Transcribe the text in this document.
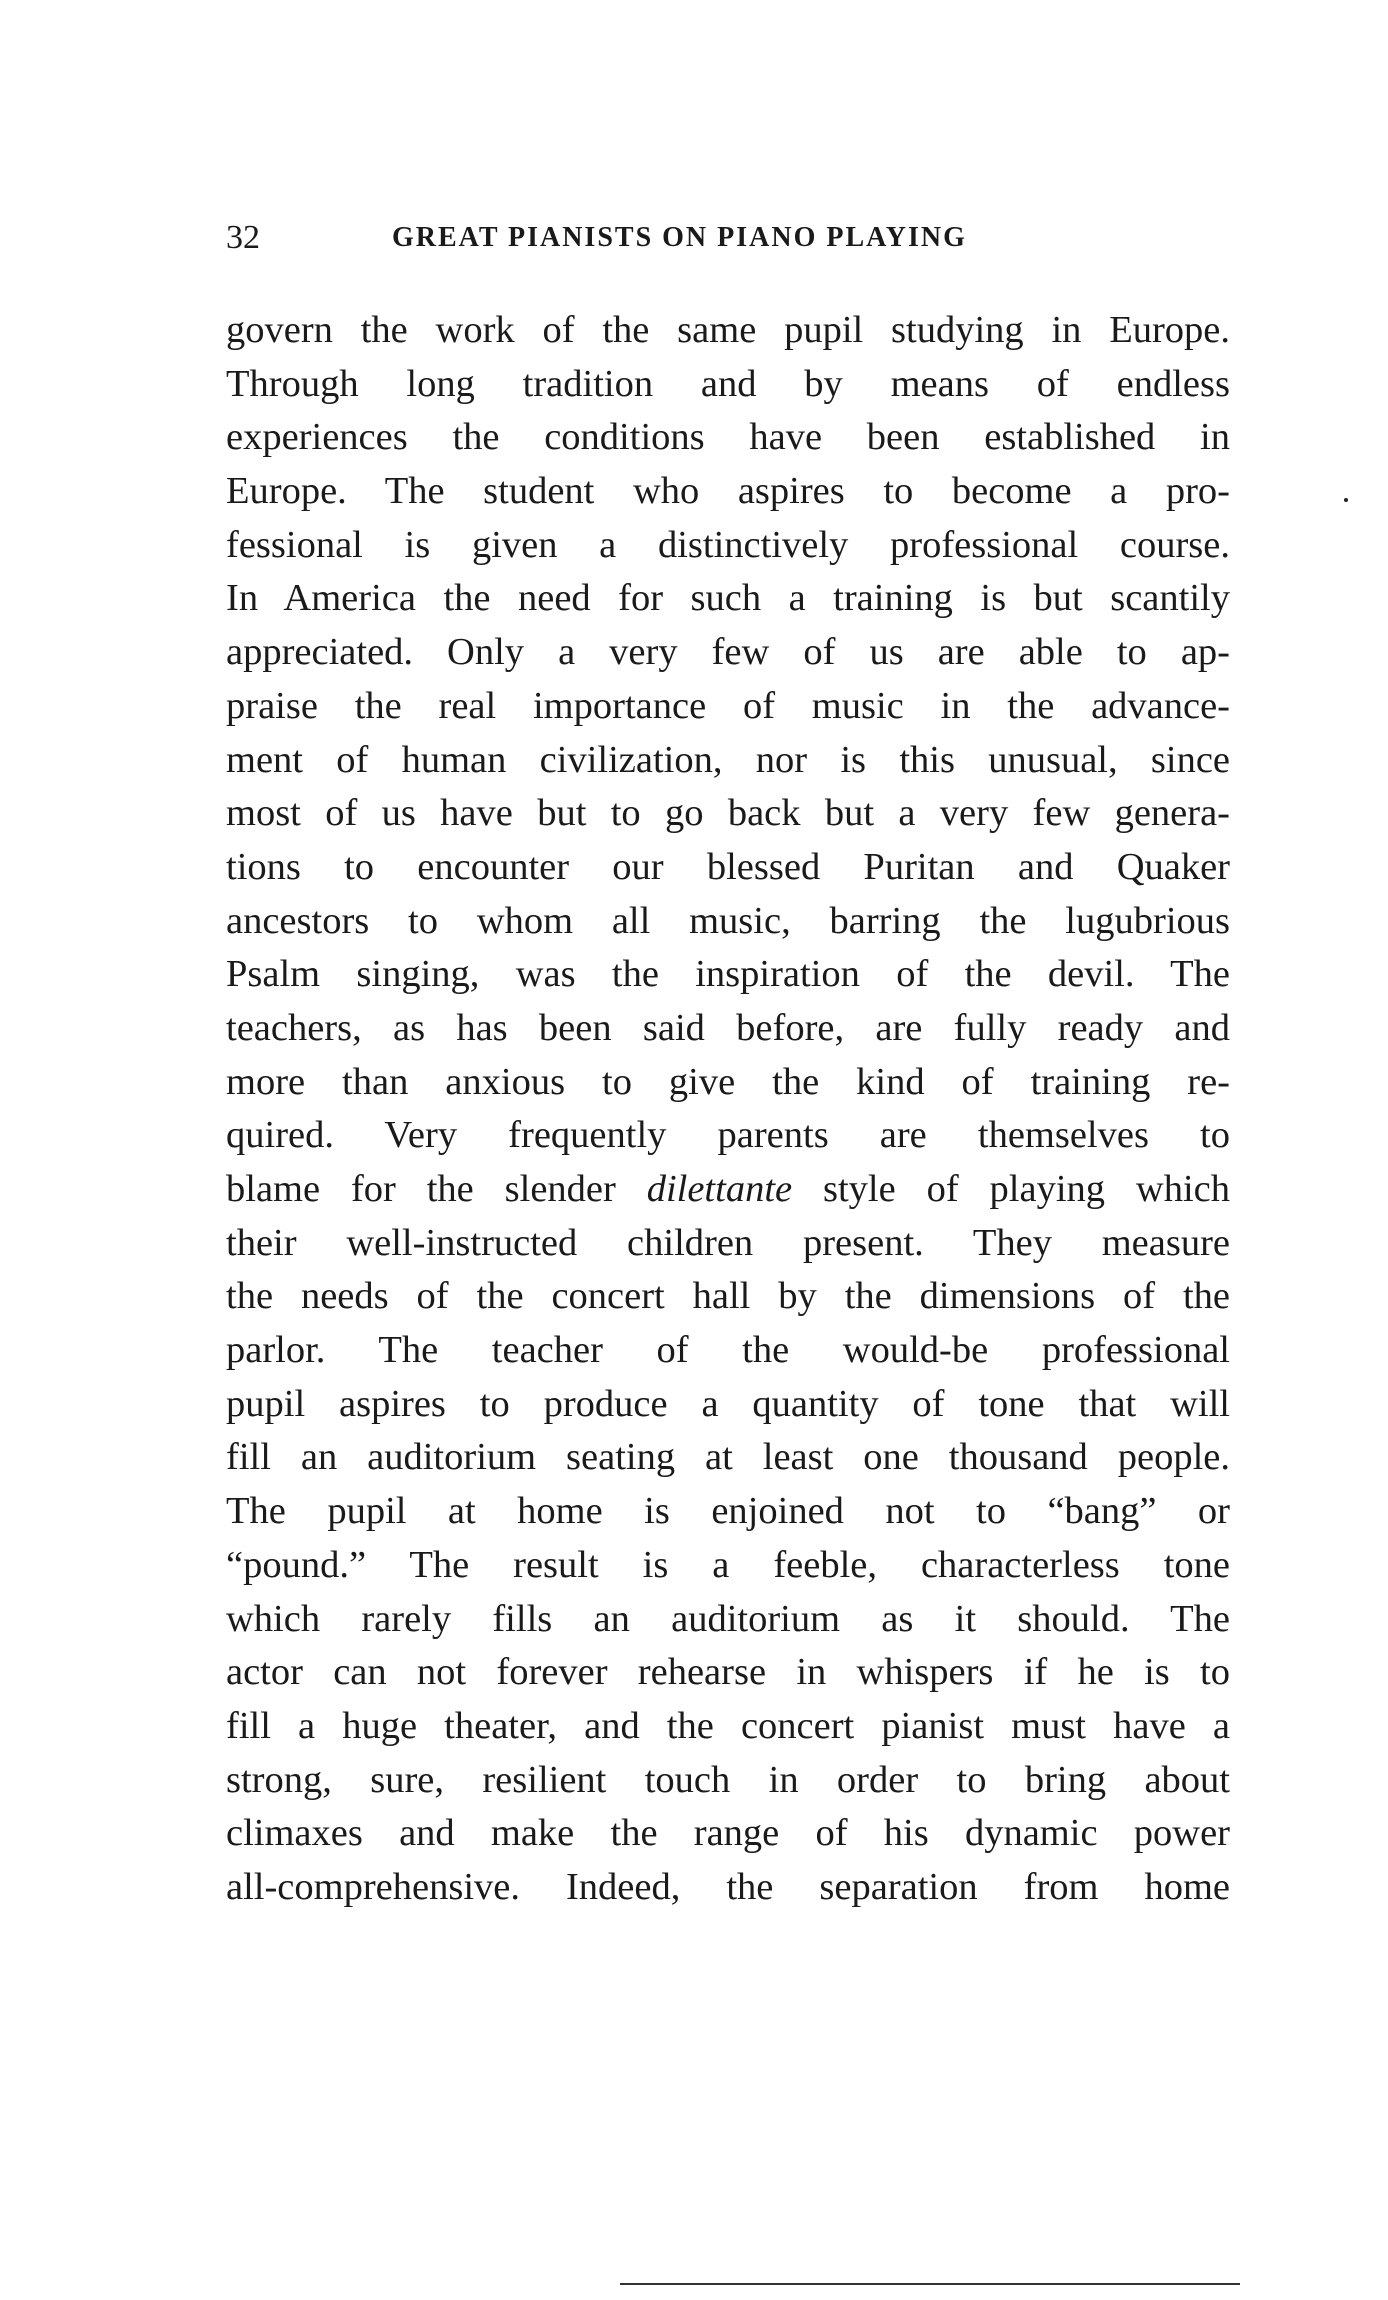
32	GREAT PIANISTS ON PIANO PLAYING
govern the work of the same pupil studying in Europe.
Through long tradition and by means of endless
experiences the conditions have been established in
Europe. The student who aspires to become a pro-
fessional is given a distinctively professional course.
In America the need for such a training is but scantily
appreciated. Only a very few of us are able to ap-
praise the real importance of music in the advance-
ment of human civilization, nor is this unusual, since
most of us have but to go back but a very few genera-
tions to encounter our blessed Puritan and Quaker
ancestors to whom all music, barring the lugubrious
Psalm singing, was the inspiration of the devil. The
teachers, as has been said before, are fully ready and
more than anxious to give the kind of training re-
quired. Very frequently parents are themselves to
blame for the slender dilettante style of playing which
their well-instructed children present. They measure
the needs of the concert hall by the dimensions of the
parlor. The teacher of the would-be professional
pupil aspires to produce a quantity of tone that will
fill an auditorium seating at least one thousand people.
The pupil at home is enjoined not to “bang” or
“pound.” The result is a feeble, characterless tone
which rarely fills an auditorium as it should. The
actor can not forever rehearse in whispers if he is to
fill a huge theater, and the concert pianist must have a
strong, sure, resilient touch in order to bring about
climaxes and make the range of his dynamic power
all-comprehensive. Indeed, the separation from home
